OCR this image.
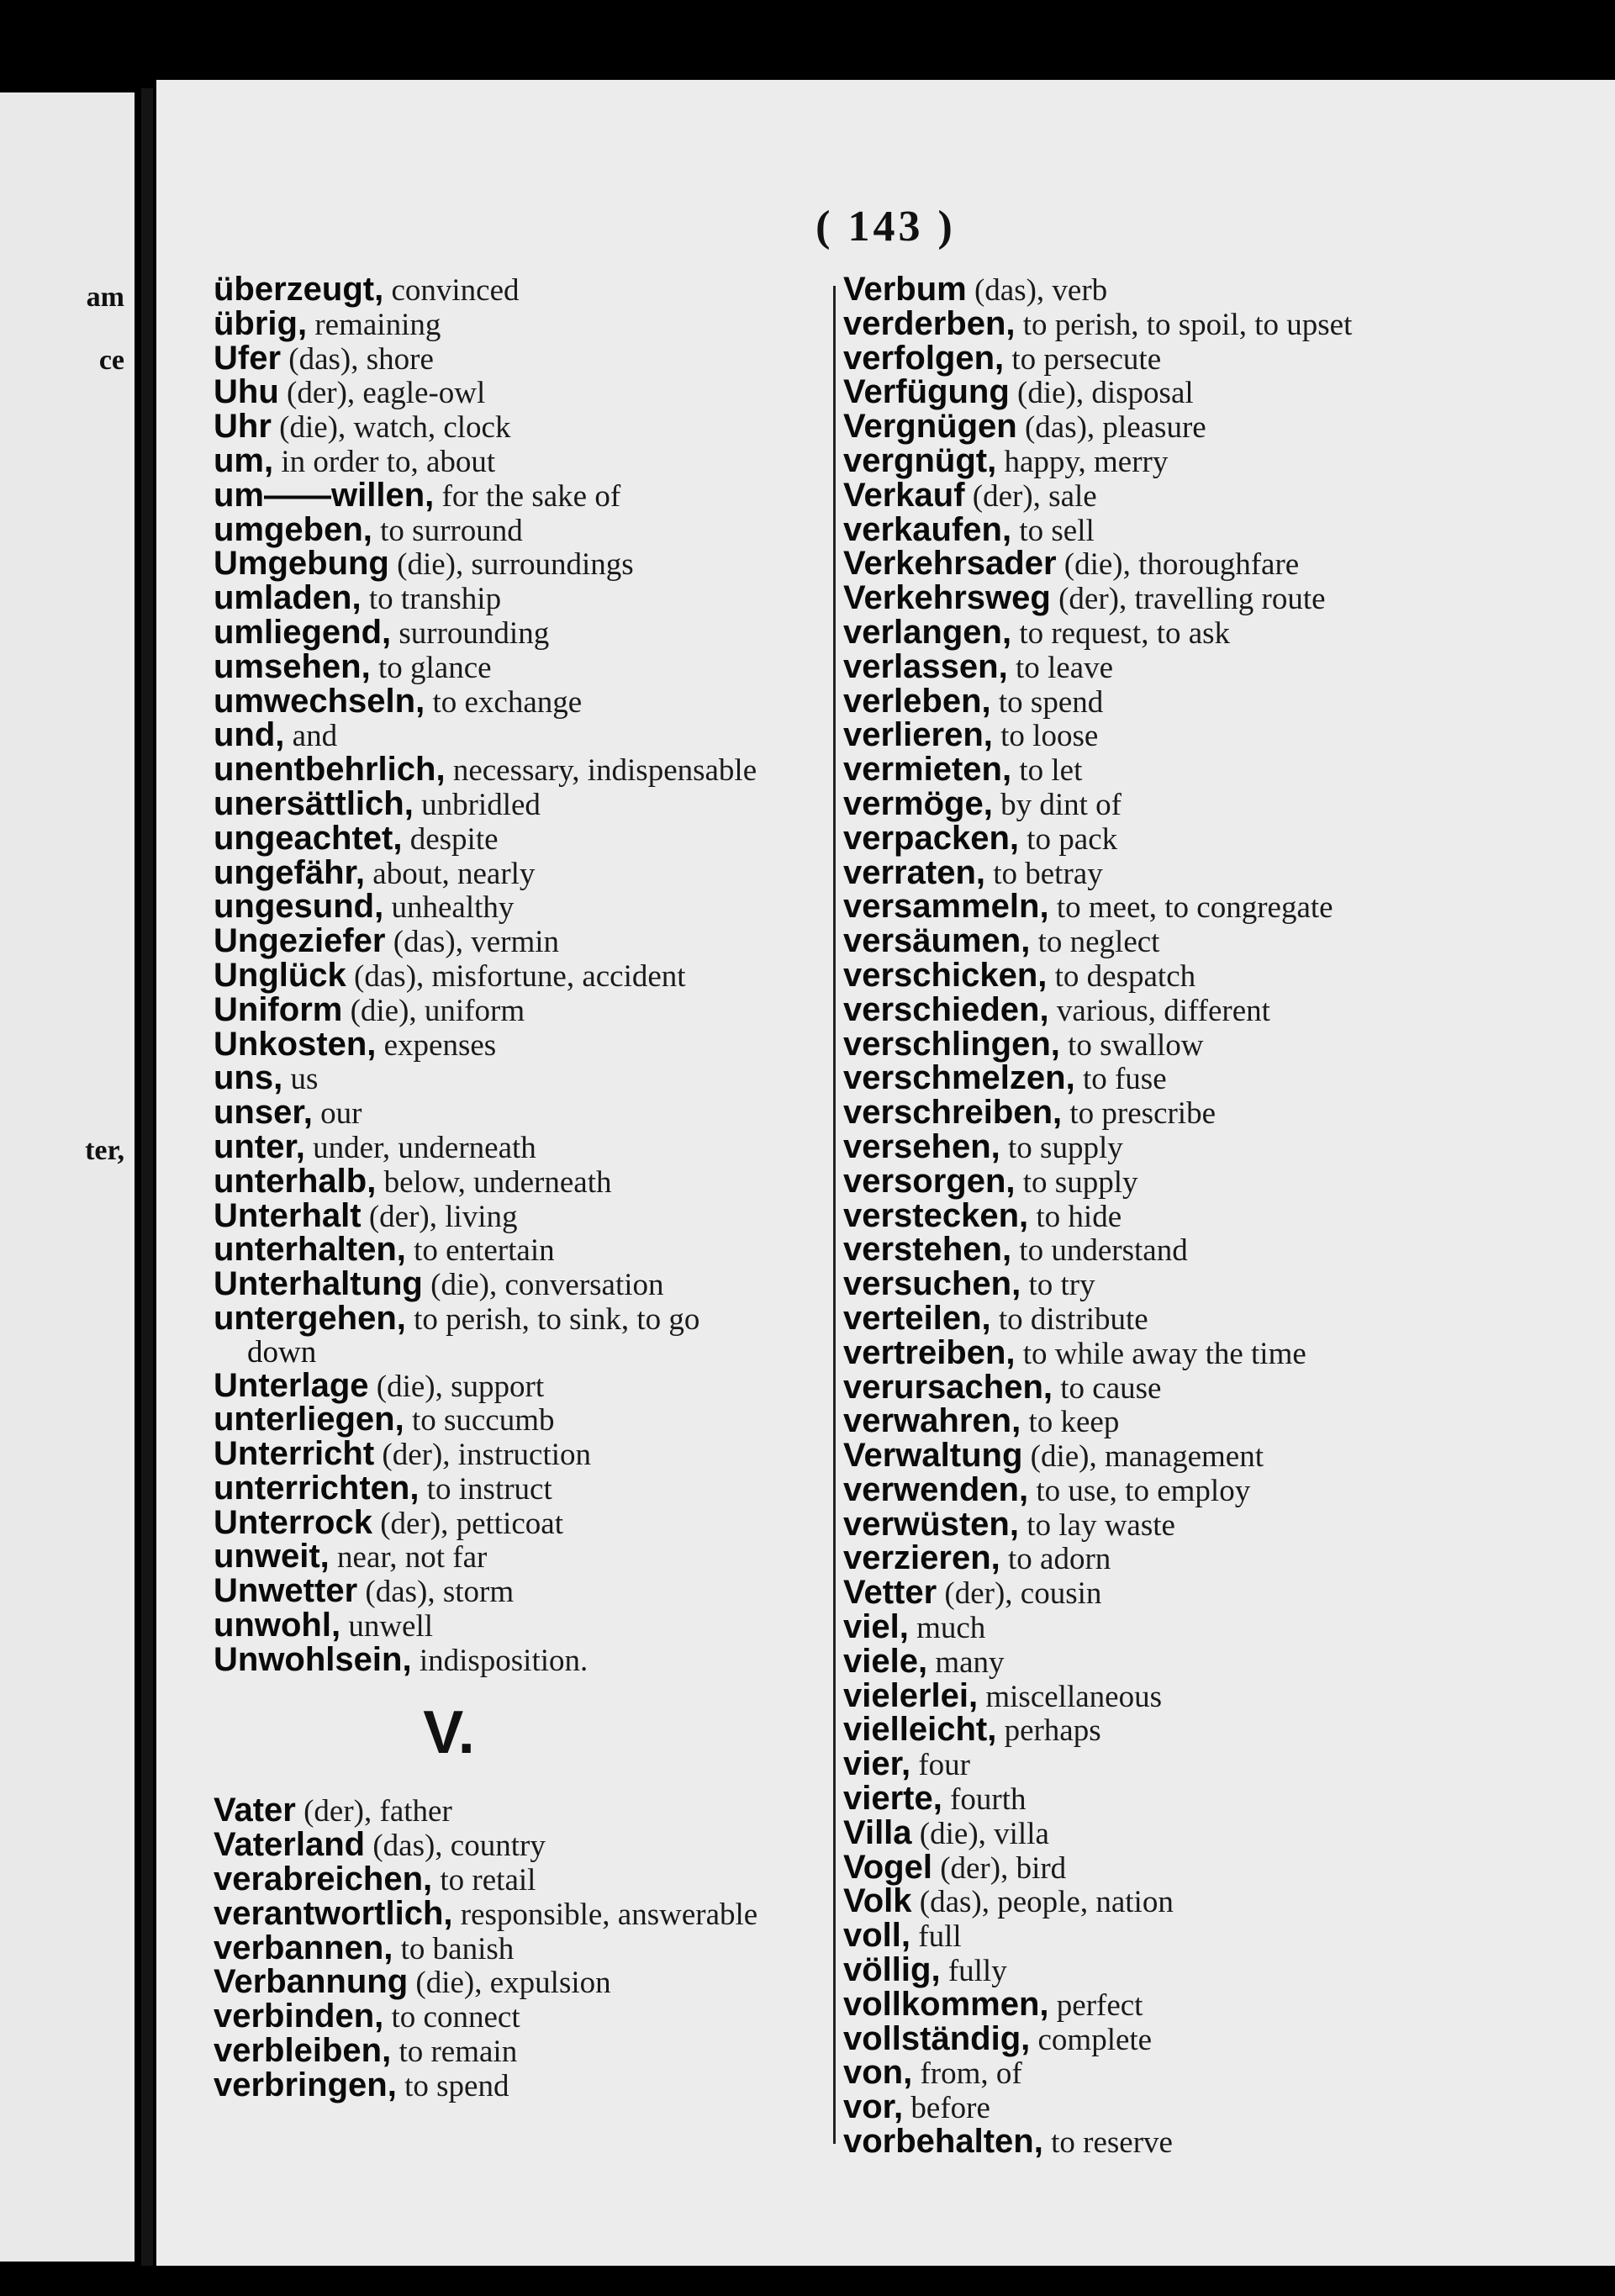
am
ce
ter,
( 143 )
überzeugt, convinced
übrig, remaining
Ufer (das), shore
Uhu (der), eagle-owl
Uhr (die), watch, clock
um, in order to, about
um——willen, for the sake of
umgeben, to surround
Umgebung (die), surroundings
umladen, to tranship
umliegend, surrounding
umsehen, to glance
umwechseln, to exchange
und, and
unentbehrlich, necessary, indispensable
unersättlich, unbridled
ungeachtet, despite
ungefähr, about, nearly
ungesund, unhealthy
Ungeziefer (das), vermin
Unglück (das), misfortune, accident
Uniform (die), uniform
Unkosten, expenses
uns, us
unser, our
unter, under, underneath
unterhalb, below, underneath
Unterhalt (der), living
unterhalten, to entertain
Unterhaltung (die), conversation
untergehen, to perish, to sink, to go
down
Unterlage (die), support
unterliegen, to succumb
Unterricht (der), instruction
unterrichten, to instruct
Unterrock (der), petticoat
unweit, near, not far
Unwetter (das), storm
unwohl, unwell
Unwohlsein, indisposition.
V.
Vater (der), father
Vaterland (das), country
verabreichen, to retail
verantwortlich, responsible, answerable
verbannen, to banish
Verbannung (die), expulsion
verbinden, to connect
verbleiben, to remain
verbringen, to spend
Verbum (das), verb
verderben, to perish, to spoil, to upset
verfolgen, to persecute
Verfügung (die), disposal
Vergnügen (das), pleasure
vergnügt, happy, merry
Verkauf (der), sale
verkaufen, to sell
Verkehrsader (die), thoroughfare
Verkehrsweg (der), travelling route
verlangen, to request, to ask
verlassen, to leave
verleben, to spend
verlieren, to loose
vermieten, to let
vermöge, by dint of
verpacken, to pack
verraten, to betray
versammeln, to meet, to congregate
versäumen, to neglect
verschicken, to despatch
verschieden, various, different
verschlingen, to swallow
verschmelzen, to fuse
verschreiben, to prescribe
versehen, to supply
versorgen, to supply
verstecken, to hide
verstehen, to understand
versuchen, to try
verteilen, to distribute
vertreiben, to while away the time
verursachen, to cause
verwahren, to keep
Verwaltung (die), management
verwenden, to use, to employ
verwüsten, to lay waste
verzieren, to adorn
Vetter (der), cousin
viel, much
viele, many
vielerlei, miscellaneous
vielleicht, perhaps
vier, four
vierte, fourth
Villa (die), villa
Vogel (der), bird
Volk (das), people, nation
voll, full
völlig, fully
vollkommen, perfect
vollständig, complete
von, from, of
vor, before
vorbehalten, to reserve
